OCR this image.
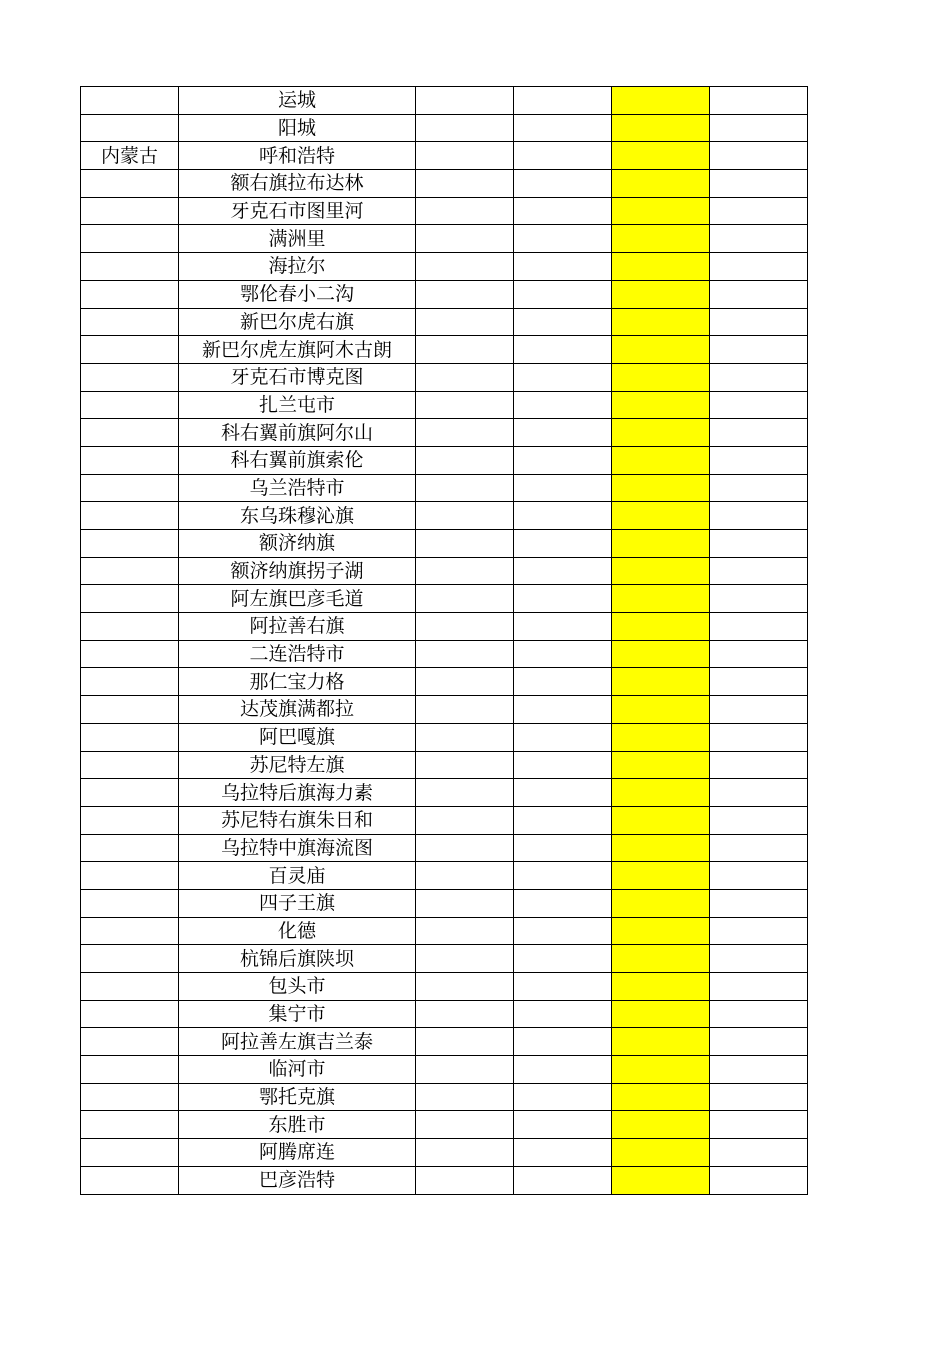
	运城				
	阳城				
内蒙古	呼和浩特				
	额右旗拉布达林				
	牙克石市图里河				
	满洲里				
	海拉尔				
	鄂伦春小二沟				
	新巴尔虎右旗				
	新巴尔虎左旗阿木古朗				
	牙克石市博克图				
	扎兰屯市				
	科右翼前旗阿尔山				
	科右翼前旗索伦				
	乌兰浩特市				
	东乌珠穆沁旗				
	额济纳旗				
	额济纳旗拐子湖				
	阿左旗巴彦毛道				
	阿拉善右旗				
	二连浩特市				
	那仁宝力格				
	达茂旗满都拉				
	阿巴嘎旗				
	苏尼特左旗				
	乌拉特后旗海力素				
	苏尼特右旗朱日和				
	乌拉特中旗海流图				
	百灵庙				
	四子王旗				
	化德				
	杭锦后旗陕坝				
	包头市				
	集宁市				
	阿拉善左旗吉兰泰				
	临河市				
	鄂托克旗				
	东胜市				
	阿腾席连				
	巴彦浩特				
